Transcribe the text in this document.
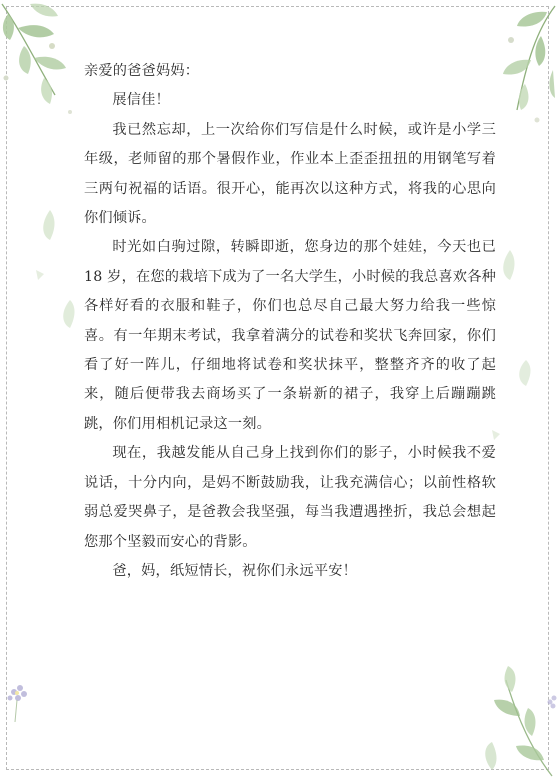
亲爱的爸爸妈妈：

展信佳！

我已然忘却，上一次给你们写信是什么时候，或许是小学三年级，老师留的那个暑假作业，作业本上歪歪扭扭的用钢笔写着三两句祝福的话语。很开心，能再次以这种方式，将我的心思向你们倾诉。

时光如白驹过隙，转瞬即逝，您身边的那个娃娃，今天也已 18 岁，在您的栽培下成为了一名大学生，小时候的我总喜欢各种各样好看的衣服和鞋子，你们也总尽自己最大努力给我一些惊喜。有一年期末考试，我拿着满分的试卷和奖状飞奔回家，你们看了好一阵儿，仔细地将试卷和奖状抹平，整整齐齐的收了起来，随后便带我去商场买了一条崭新的裙子，我穿上后蹦蹦跳跳，你们用相机记录这一刻。

现在，我越发能从自己身上找到你们的影子，小时候我不爱说话，十分内向，是妈不断鼓励我，让我充满信心；以前性格软弱总爱哭鼻子，是爸教会我坚强，每当我遭遇挫折，我总会想起您那个坚毅而安心的背影。

爸，妈，纸短情长，祝你们永远平安！
